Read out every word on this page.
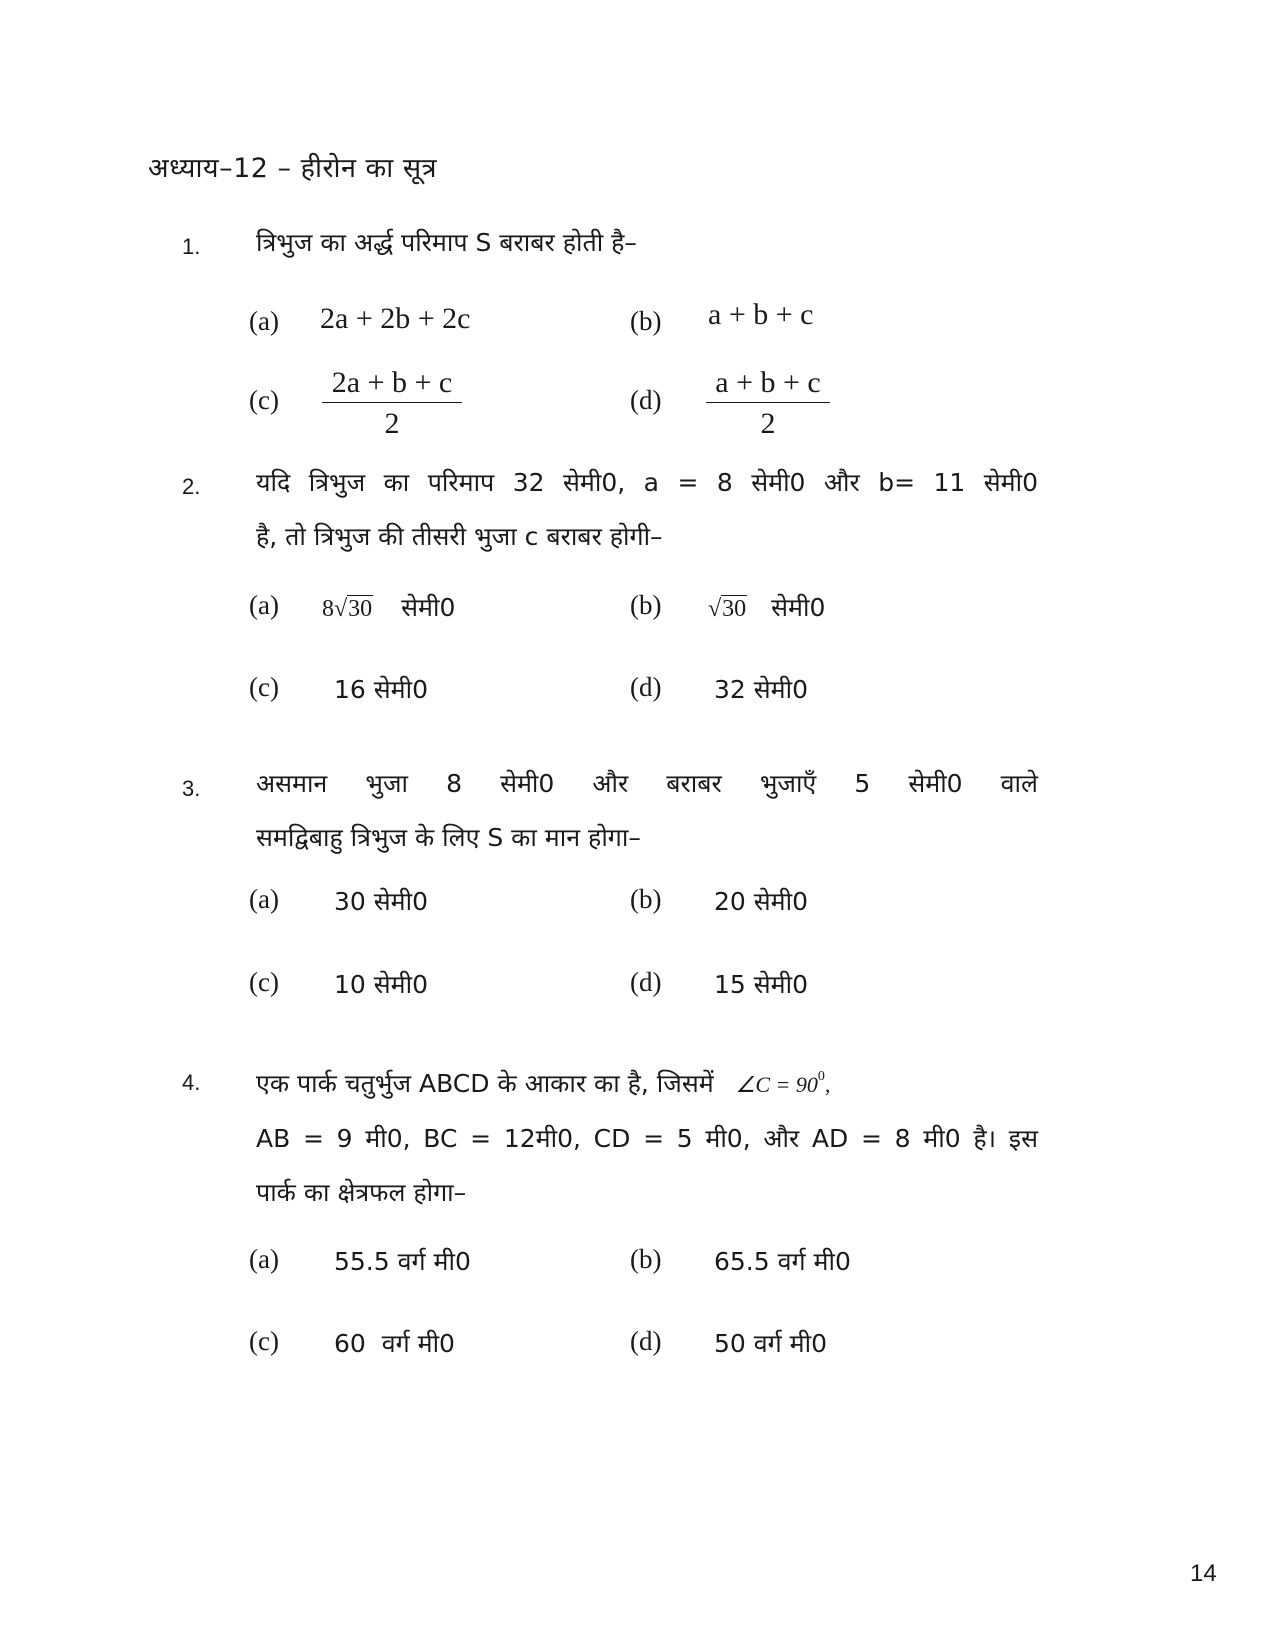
अध्याय–12 – हीरोन का सूत्र
1. त्रिभुज का अर्द्ध परिमाप S बराबर होती है–
(a) 2a + 2b + 2c	(b) a + b + c
$(c) \frac{2a + b + c}{2}$	$(d) \frac{a + b + c}{2}$
2. यदि त्रिभुज का परिमाप 32 सेमी0, a = 8 सेमी0 और b= 11 सेमी0
है, तो त्रिभुज की तीसरी भुजा c बराबर होगी–
(a) 8√30 सेमी0	(b) √30 सेमी0
(c) 16 सेमी0	(d) 32 सेमी0
3. असमान भुजा 8 सेमी0 और बराबर भुजाएँ 5 सेमी0 वाले
समद्विबाहु त्रिभुज के लिए S का मान होगा–
(a) 30 सेमी0	(b) 20 सेमी0
(c) 10 सेमी0	(d) 15 सेमी0
4. एक पार्क चतुर्भुज ABCD के आकार का है, जिसमें ∠C = $90^0$,
AB = 9 मी0, BC = 12मी0, CD = 5 मी0, और AD = 8 मी0 है। इस
पार्क का क्षेत्रफल होगा–
(a) 55.5 वर्ग मी0	(b) 65.5 वर्ग मी0
(c) 60  वर्ग मी0	(d) 50 वर्ग मी0
14
